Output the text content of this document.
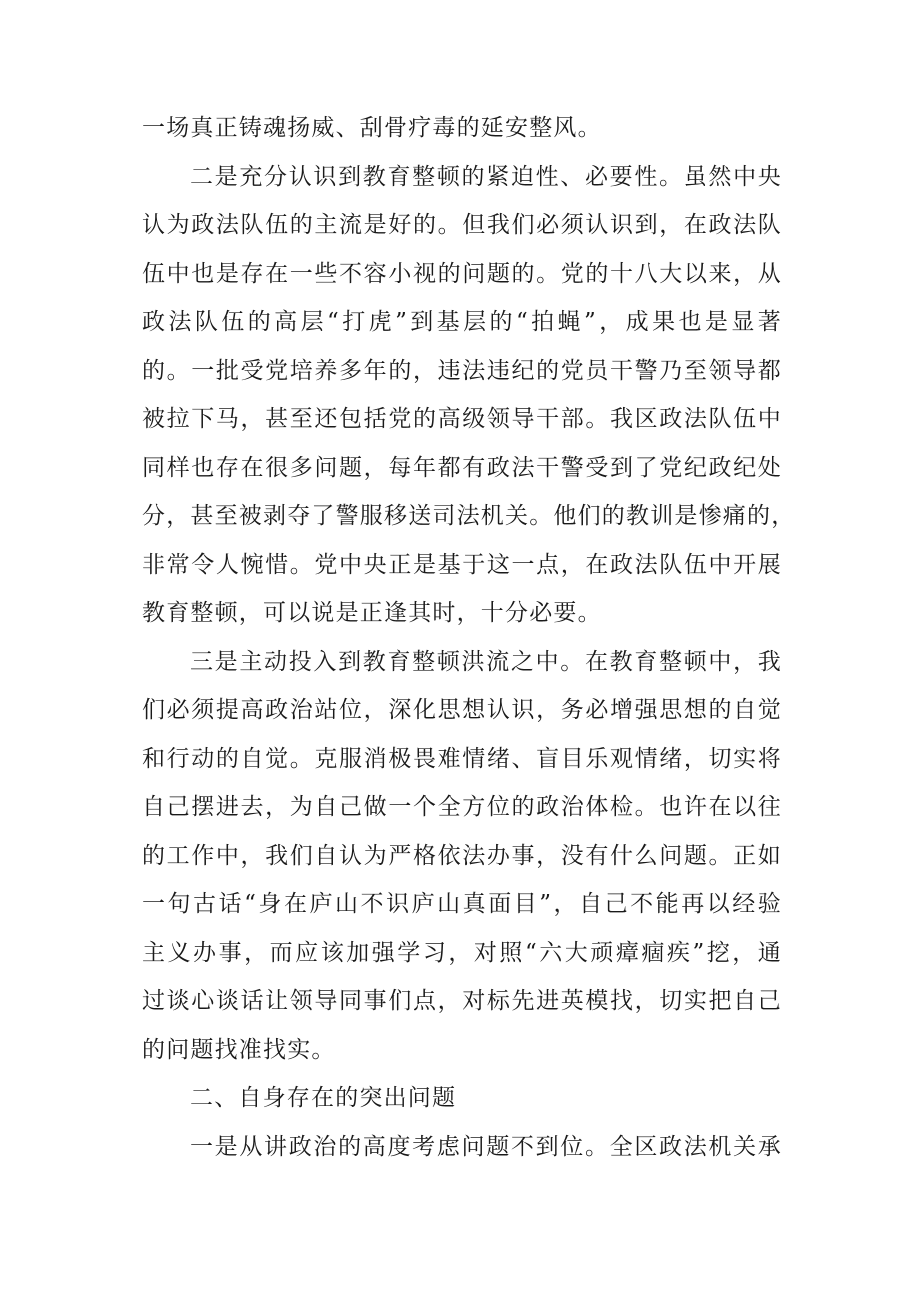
一场真正铸魂扬威、刮骨疗毒的延安整风。
二是充分认识到教育整顿的紧迫性、必要性。虽然中央
认为政法队伍的主流是好的。但我们必须认识到，在政法队
伍中也是存在一些不容小视的问题的。党的十八大以来，从
政法队伍的高层“打虎”到基层的“拍蝇”，成果也是显著
的。一批受党培养多年的，违法违纪的党员干警乃至领导都
被拉下马，甚至还包括党的高级领导干部。我区政法队伍中
同样也存在很多问题，每年都有政法干警受到了党纪政纪处
分，甚至被剥夺了警服移送司法机关。他们的教训是惨痛的，
非常令人惋惜。党中央正是基于这一点，在政法队伍中开展
教育整顿，可以说是正逢其时，十分必要。
三是主动投入到教育整顿洪流之中。在教育整顿中，我
们必须提高政治站位，深化思想认识，务必增强思想的自觉
和行动的自觉。克服消极畏难情绪、盲目乐观情绪，切实将
自己摆进去，为自己做一个全方位的政治体检。也许在以往
的工作中，我们自认为严格依法办事，没有什么问题。正如
一句古话“身在庐山不识庐山真面目”，自己不能再以经验
主义办事，而应该加强学习，对照“六大顽瘴痼疾”挖，通
过谈心谈话让领导同事们点，对标先进英模找，切实把自己
的问题找准找实。
二、自身存在的突出问题
一是从讲政治的高度考虑问题不到位。全区政法机关承
